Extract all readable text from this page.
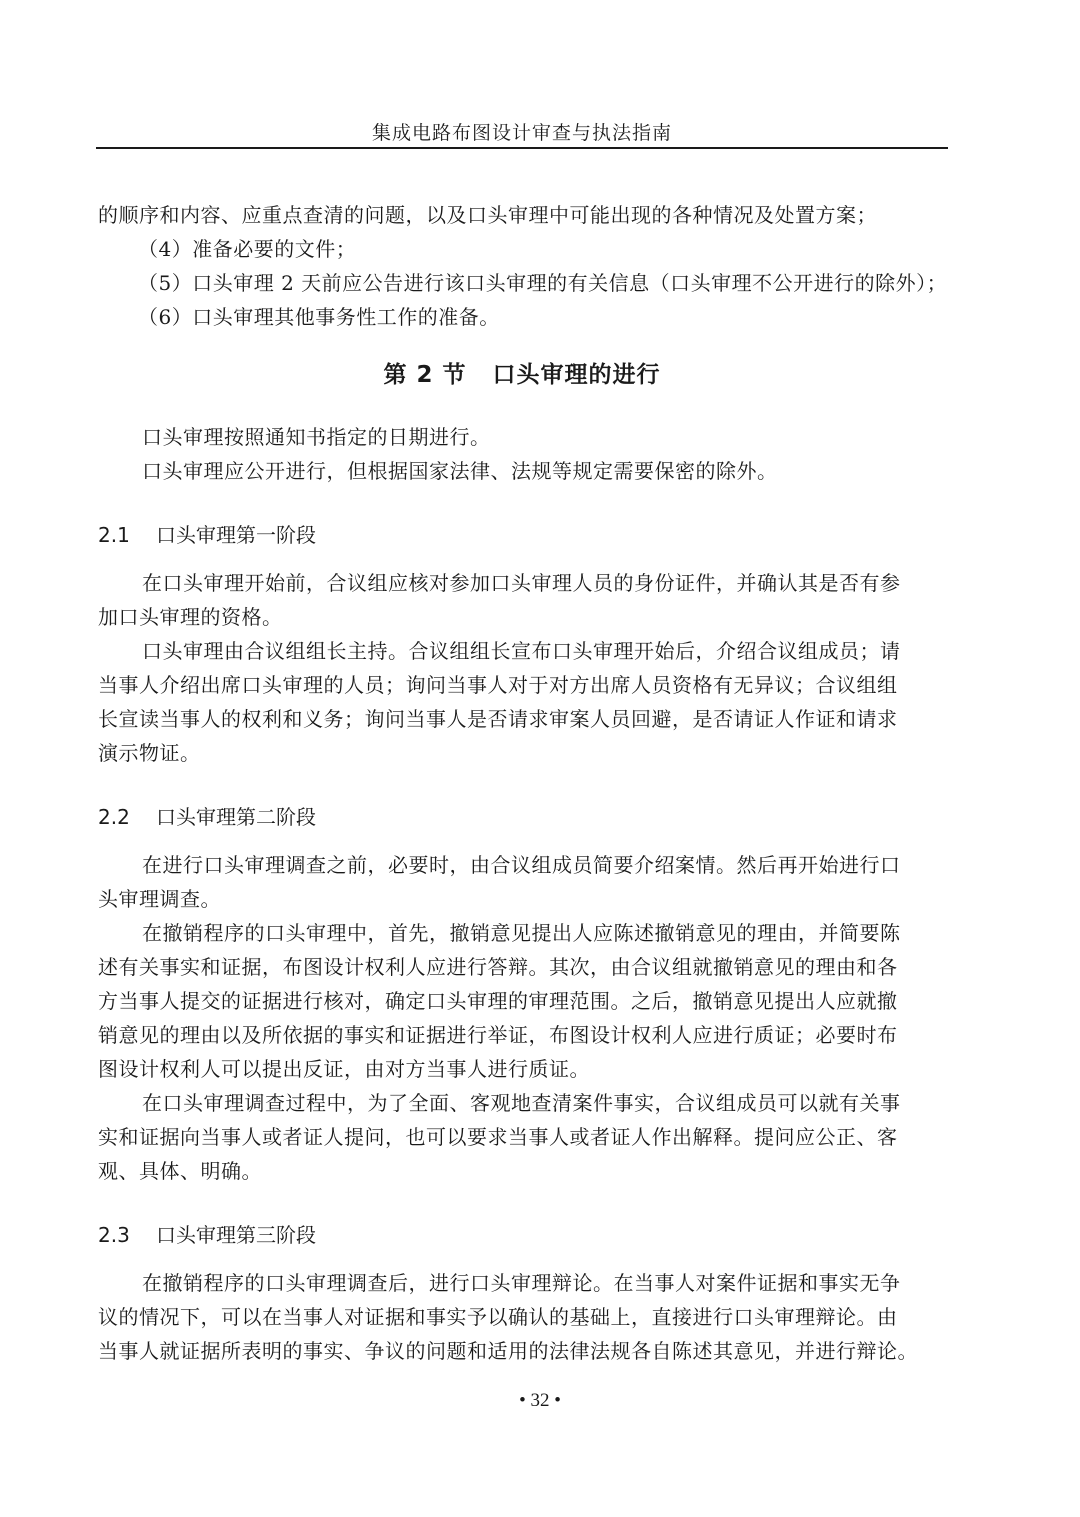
集成电路布图设计审查与执法指南
的顺序和内容、应重点查清的问题，以及口头审理中可能出现的各种情况及处置方案；
（4）准备必要的文件；
（5）口头审理 2 天前应公告进行该口头审理的有关信息（口头审理不公开进行的除外）；
（6）口头审理其他事务性工作的准备。
第 2 节 口头审理的进行
口头审理按照通知书指定的日期进行。
口头审理应公开进行，但根据国家法律、法规等规定需要保密的除外。
2.1 口头审理第一阶段
在口头审理开始前，合议组应核对参加口头审理人员的身份证件，并确认其是否有参
加口头审理的资格。
口头审理由合议组组长主持。合议组组长宣布口头审理开始后，介绍合议组成员；请
当事人介绍出席口头审理的人员；询问当事人对于对方出席人员资格有无异议；合议组组
长宣读当事人的权利和义务；询问当事人是否请求审案人员回避，是否请证人作证和请求
演示物证。
2.2 口头审理第二阶段
在进行口头审理调查之前，必要时，由合议组成员简要介绍案情。然后再开始进行口
头审理调查。
在撤销程序的口头审理中，首先，撤销意见提出人应陈述撤销意见的理由，并简要陈
述有关事实和证据，布图设计权利人应进行答辩。其次，由合议组就撤销意见的理由和各
方当事人提交的证据进行核对，确定口头审理的审理范围。之后，撤销意见提出人应就撤
销意见的理由以及所依据的事实和证据进行举证，布图设计权利人应进行质证；必要时布
图设计权利人可以提出反证，由对方当事人进行质证。
在口头审理调查过程中，为了全面、客观地查清案件事实，合议组成员可以就有关事
实和证据向当事人或者证人提问，也可以要求当事人或者证人作出解释。提问应公正、客
观、具体、明确。
2.3 口头审理第三阶段
在撤销程序的口头审理调查后，进行口头审理辩论。在当事人对案件证据和事实无争
议的情况下，可以在当事人对证据和事实予以确认的基础上，直接进行口头审理辩论。由
当事人就证据所表明的事实、争议的问题和适用的法律法规各自陈述其意见，并进行辩论。
• 32 •
